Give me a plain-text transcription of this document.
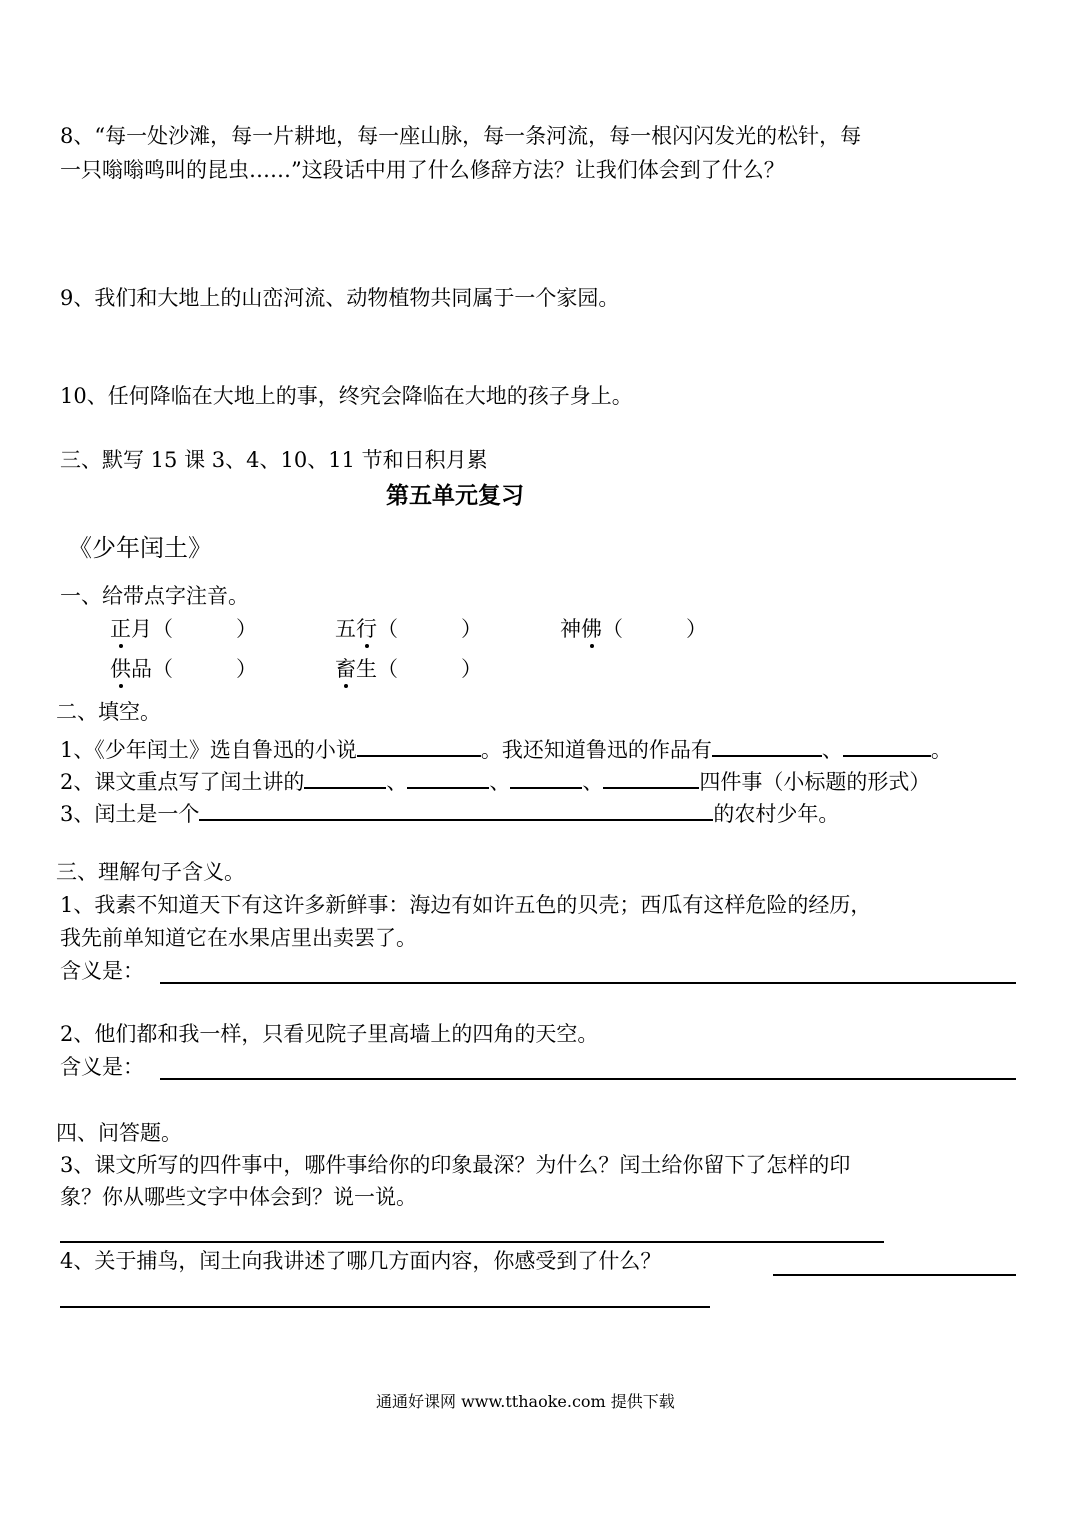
8、“每一处沙滩，每一片耕地，每一座山脉，每一条河流，每一根闪闪发光的松针，每
一只嗡嗡鸣叫的昆虫……”这段话中用了什么修辞方法？让我们体会到了什么？
9、我们和大地上的山峦河流、动物植物共同属于一个家园。
10、任何降临在大地上的事，终究会降临在大地的孩子身上。
三、默写 15 课 3、4、10、11 节和日积月累
第五单元复习
《少年闰土》
一、给带点字注音。
正月（　　　）	五行（　　　）	神佛（　　　）
供品（　　　）	畜生（　　　）
二、填空。
1、《少年闰土》选自鲁迅的小说	。我还知道鲁迅的作品有	、	。
2、课文重点写了闰土讲的	、	、	、	四件事（小标题的形式）
3、闰土是一个	的农村少年。
三、理解句子含义。
1、我素不知道天下有这许多新鲜事：海边有如许五色的贝壳；西瓜有这样危险的经历，
我先前单知道它在水果店里出卖罢了。
含义是：
2、他们都和我一样，只看见院子里高墙上的四角的天空。
含义是：
四、问答题。
3、课文所写的四件事中，哪件事给你的印象最深？为什么？闰土给你留下了怎样的印
象？你从哪些文字中体会到？说一说。
4、关于捕鸟，闰土向我讲述了哪几方面内容，你感受到了什么？
通通好课网 www.tthaoke.com 提供下载
